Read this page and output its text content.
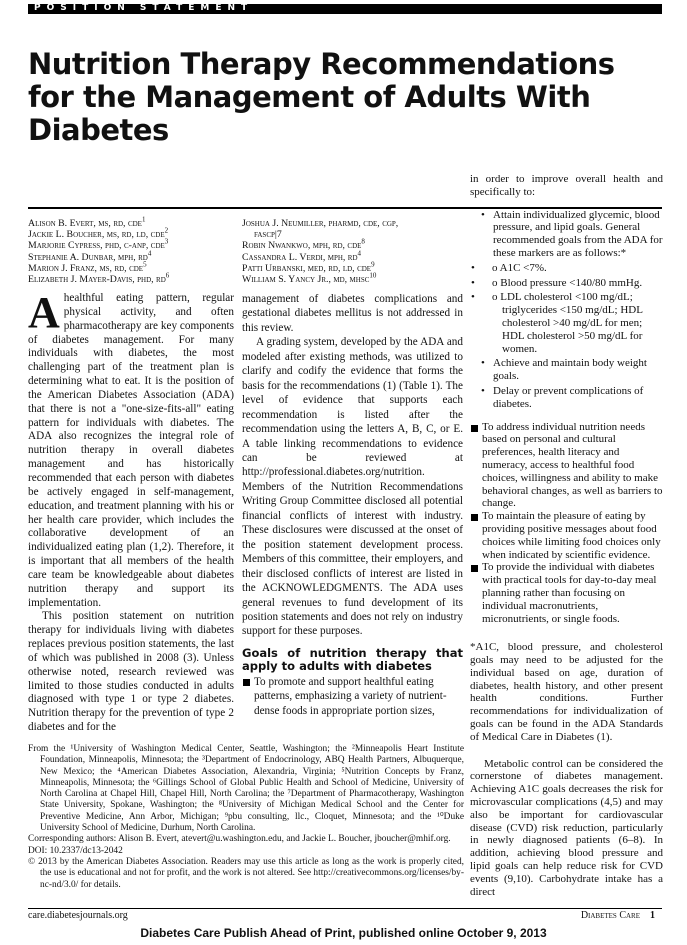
POSITION STATEMENT
Nutrition Therapy Recommendations for the Management of Adults With Diabetes
Alison B. Evert, ms, rd, cde$^1$
Jackie L. Boucher, ms, rd, ld, cde$^2$
Marjorie Cypress, phd, c-anp, cde$^3$
Stephanie A. Dunbar, mph, $rd^4$
Marion J. Franz, ms, rd, cde$^5$
Elizabeth J. Mayer-Davis, phd, $rd^6$
Joshua J. Neumiller, pharmd, cde, cgp,
fascp|7
Robin Nwankwo, mph, rd, cde$^8$
Cassandra L. Verdi, mph, $rd^4$
Patti Urbanski, med, rd, ld, cde$^9$
William S. Yancy Jr., md, mhsc$^{10}$

Ahealthful eating pattern, regular physical activity, and often pharmacotherapy are key components of diabetes management. For many individuals with diabetes, the most challenging part of the treatment plan is determining what to eat. It is the position of the American Diabetes Association (ADA) that there is not a "one-size-fits-all" eating pattern for individuals with diabetes. The ADA also recognizes the integral role of nutrition therapy in overall diabetes management and has historically recommended that each person with diabetes be actively engaged in self-management, education, and treatment planning with his or her health care provider, which includes the collaborative development of an individualized eating plan (1,2). Therefore, it is important that all members of the health care team be knowledgeable about diabetes nutrition therapy and support its implementation.

This position statement on nutrition therapy for individuals living with diabetes replaces previous position statements, the last of which was published in 2008 (3). Unless otherwise noted, research reviewed was limited to those studies conducted in adults diagnosed with type 1 or type 2 diabetes. Nutrition therapy for the prevention of type 2 diabetes and for the

management of diabetes complications and gestational diabetes mellitus is not addressed in this review.

A grading system, developed by the ADA and modeled after existing methods, was utilized to clarify and codify the evidence that forms the basis for the recommendations (1) (Table 1). The level of evidence that supports each recommendation is listed after the recommendation using the letters A, B, C, or E. A table linking recommendations to evidence can be reviewed at http://professional.diabetes.org/nutrition. Members of the Nutrition Recommendations Writing Group Committee disclosed all potential financial conflicts of interest with industry. These disclosures were discussed at the onset of the position statement development process. Members of this committee, their employers, and their disclosed conflicts of interest are listed in the ACKNOWLEDGMENTS. The ADA uses general revenues to fund development of its position statements and does not rely on industry support for these purposes.

Goals of nutrition therapy that apply to adults with diabetes
To promote and support healthful eating patterns, emphasizing a variety of nutrient-dense foods in appropriate portion sizes,

in order to improve overall health and specifically to:

• Attain individualized glycemic, blood pressure, and lipid goals. General recommended goals from the ADA for these markers are as follows:*
• o A1C <7%.
• o Blood pressure <140/80 mmHg.
• o LDL cholesterol <100 mg/dL; triglycerides <150 mg/dL; HDL cholesterol >40 mg/dL for men; HDL cholesterol >50 mg/dL for women.
• Achieve and maintain body weight goals.
• Delay or prevent complications of diabetes.
To address individual nutrition needs based on personal and cultural preferences, health literacy and numeracy, access to healthful food choices, willingness and ability to make behavioral changes, as well as barriers to change.
To maintain the pleasure of eating by providing positive messages about food choices while limiting food choices only when indicated by scientific evidence.
To provide the individual with diabetes with practical tools for day-to-day meal planning rather than focusing on individual macronutrients, micronutrients, or single foods.

*A1C, blood pressure, and cholesterol goals may need to be adjusted for the individual based on age, duration of diabetes, health history, and other present health conditions. Further recommendations for individualization of goals can be found in the ADA Standards of Medical Care in Diabetes (1).

Metabolic control can be considered the cornerstone of diabetes management. Achieving A1C goals decreases the risk for microvascular complications (4,5) and may also be important for cardiovascular disease (CVD) risk reduction, particularly in newly diagnosed patients (6–8). In addition, achieving blood pressure and lipid goals can help reduce risk for CVD events (9,10). Carbohydrate intake has a direct

From the ¹University of Washington Medical Center, Seattle, Washington; the ²Minneapolis Heart Institute Foundation, Minneapolis, Minnesota; the ³Department of Endocrinology, ABQ Health Partners, Albuquerque, New Mexico; the ⁴American Diabetes Association, Alexandria, Virginia; ⁵Nutrition Concepts by Franz, Minneapolis, Minnesota; the ⁶Gillings School of Global Public Health and School of Medicine, University of North Carolina at Chapel Hill, Chapel Hill, North Carolina; the ⁷Department of Pharmacotherapy, Washington State University, Spokane, Washington; the ⁸University of Michigan Medical School and the Center for Preventive Medicine, Ann Arbor, Michigan; ⁹pbu consulting, llc., Cloquet, Minnesota; and the ¹⁰Duke University School of Medicine, Durhum, North Carolina.

Corresponding authors: Alison B. Evert, atevert@u.washington.edu, and Jackie L. Boucher, jboucher@mhif.org.

DOI: 10.2337/dc13-2042

© 2013 by the American Diabetes Association. Readers may use this article as long as the work is properly cited, the use is educational and not for profit, and the work is not altered. See http://creativecommons.org/licenses/by-nc-nd/3.0/ for details.

care.diabetesjournals.org	Diabetes Care 1
Diabetes Care Publish Ahead of Print, published online October 9, 2013
